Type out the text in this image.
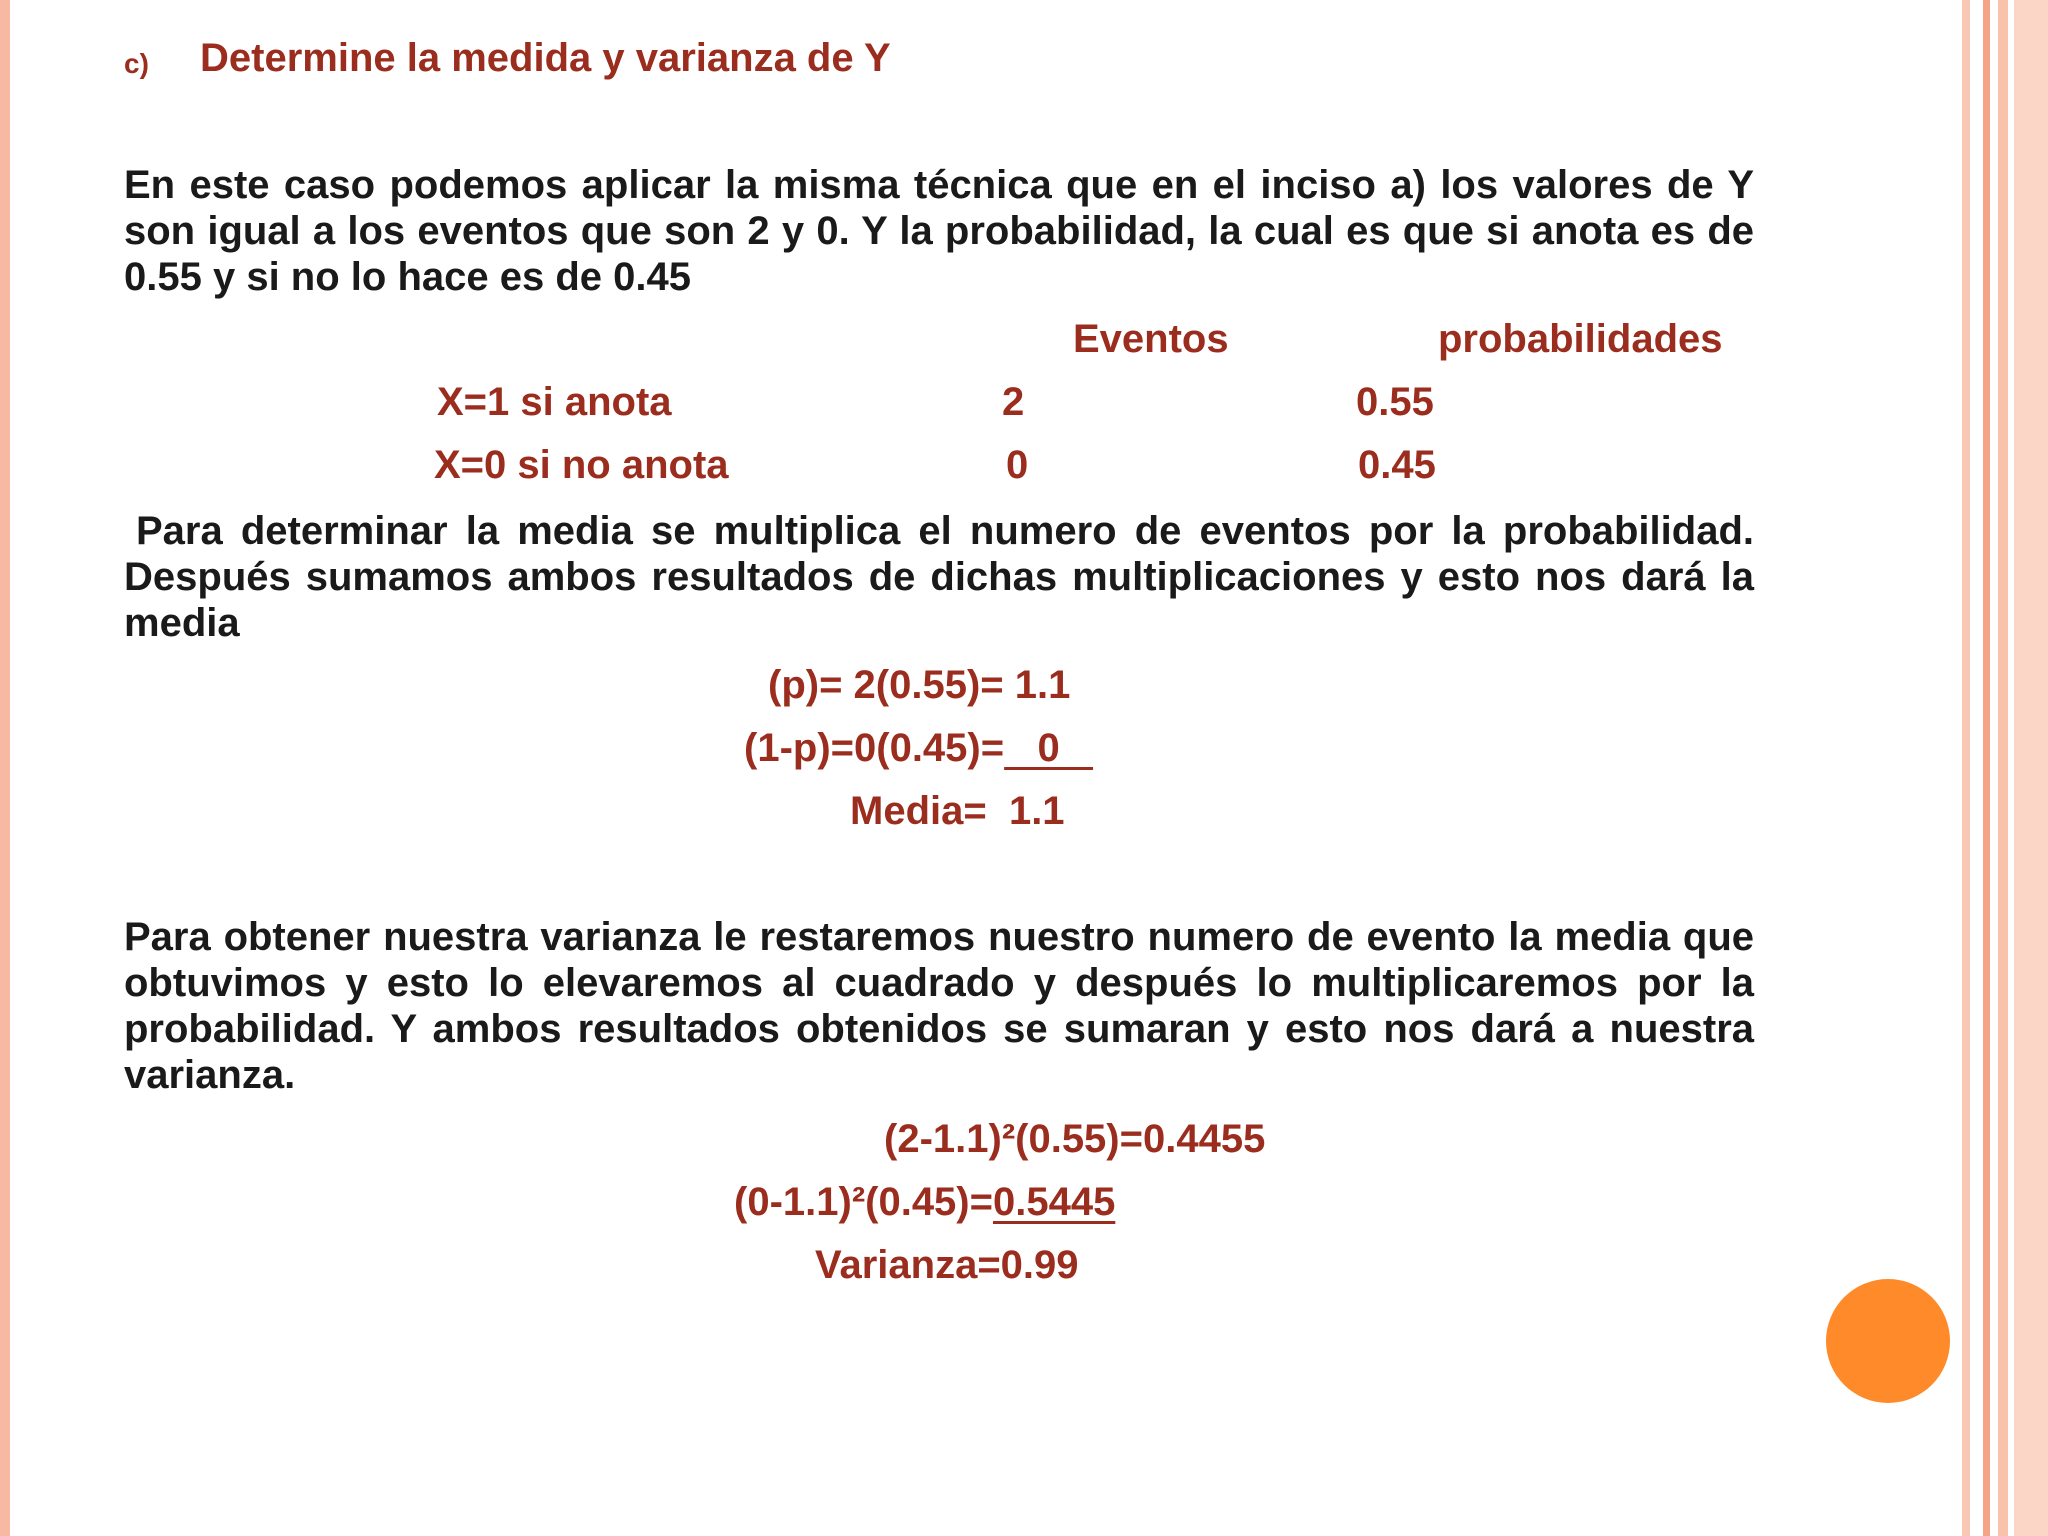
c) Determine la medida y varianza de Y
En este caso podemos aplicar la misma técnica que en el inciso a) los valores de Y son igual a los eventos que son 2 y 0. Y la probabilidad, la cual es que si anota es de 0.55 y si no lo hace es de 0.45
Eventos	probabilidades
X=1 si anota	2	0.55
X=0 si no anota	0	0.45
Para determinar la media se multiplica el numero de eventos por la probabilidad. Después sumamos ambos resultados de dichas multiplicaciones y esto nos dará la media
(p)= 2(0.55)= 1.1
(1-p)=0(0.45)=   0
Media=  1.1
Para obtener nuestra varianza le restaremos nuestro numero de evento la media que obtuvimos y esto lo elevaremos al cuadrado y después lo multiplicaremos por la probabilidad. Y ambos resultados obtenidos se sumaran y esto nos dará a nuestra varianza.
(2-1.1)²(0.55)=0.4455
(0-1.1)²(0.45)=0.5445
Varianza=0.99
